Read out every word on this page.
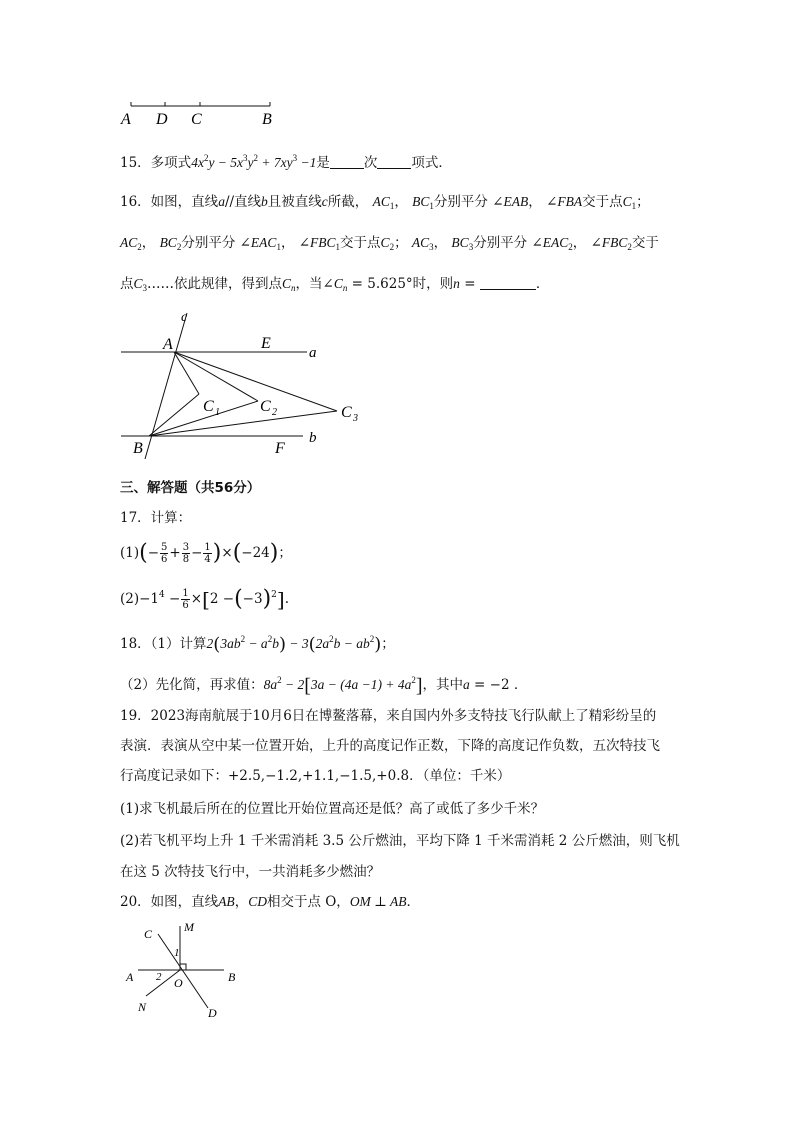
A D C	B
15．多项式$4x^2y - 5x^3y^2 + 7xy^3 -1$是	次	项式．
16．如图，直线a//直线b且被直线c所截， $AC_1$， $BC_1$分别平分 ∠EAB， ∠FBA交于点$C_1$；
$AC_2$， $BC_2$分别平分 $\angle EAC_1$， $\angle FBC_1$交于点$C_2$； $AC_3$， $BC_3$分别平分 $\angle EAC_2$， $\angle FBC_2$交于
点$C_3\dots\dots$依此规律，得到点$C_n$，当$\angle C_n = 5.625^\circ$时，则n =	．
c
A	E
a
C 1	C 2	C 3
B	F
b
三、解答题（共56分）
17．计算：
$(1)(- \frac{5}{6} + \frac{3}{8} - \frac{1}{4} )\times(-24)$；
$(2)-1^4 - \frac{1}{6} \times[2 -(-3)^2]$.
18．（1）计算$2(3ab^2 - a^2b) - 3(2a^2b - ab^2)$；
（2）先化简，再求值：$8a^2 - 2[3a - (4a -1) + 4a^2]$，其中a = −2 ．
19．2023海南航展于10月6日在博鳌落幕，来自国内外多支特技飞行队献上了精彩纷呈的
表演．表演从空中某一位置开始，上升的高度记作正数，下降的高度记作负数，五次特技飞
行高度记录如下：+2.5,−1.2,+1.1,−1.5,+0.8．（单位：千米）
(1)求飞机最后所在的位置比开始位置高还是低？高了或低了多少千米？
(2)若飞机平均上升 1 千米需消耗 3.5 公斤燃油，平均下降 1 千米需消耗 2 公斤燃油，则飞机
在这 5 次特技飞行中，一共消耗多少燃油？
20．如图，直线AB，CD相交于点 O，OM ⊥ AB．
C	M
1
A 2 O	B
N	D
